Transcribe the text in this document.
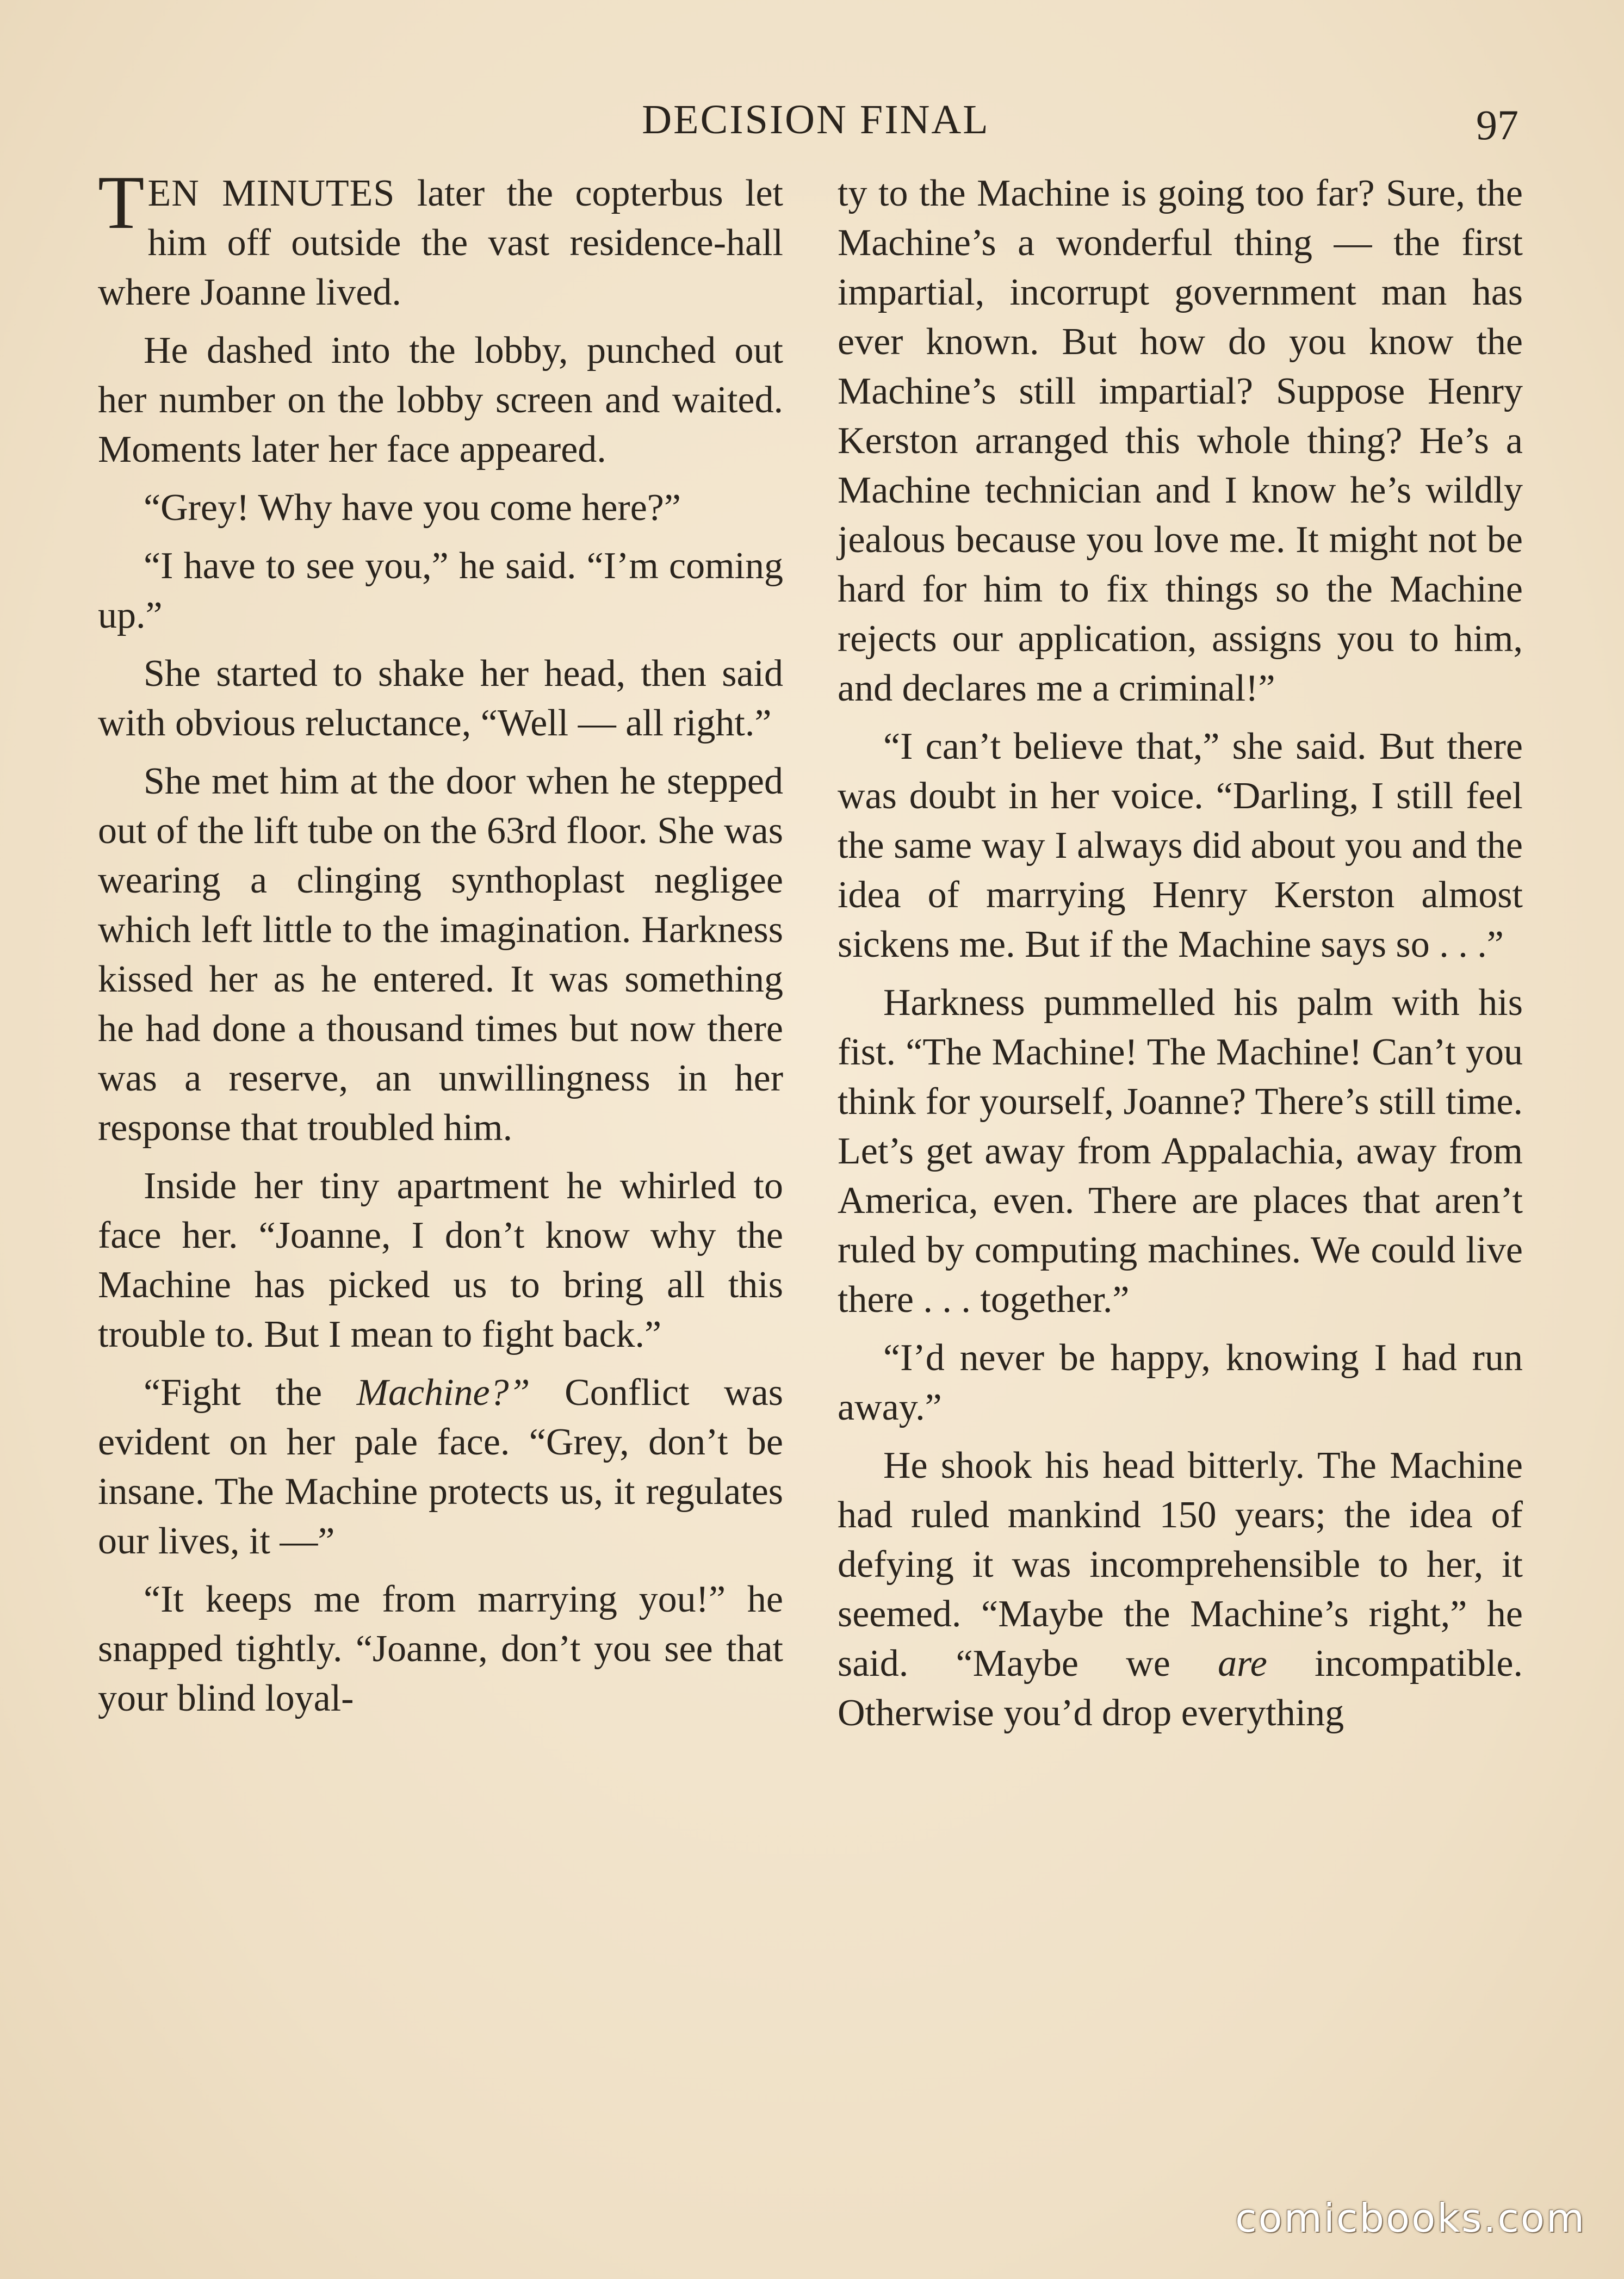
DECISION FINAL	97

TEN MINUTES later the copterbus let him off outside the vast residence-hall where Joanne lived.

He dashed into the lobby, punched out her number on the lobby screen and waited. Moments later her face appeared.

“Grey! Why have you come here?”

“I have to see you,” he said. “I’m coming up.”

She started to shake her head, then said with obvious reluctance, “Well — all right.”

She met him at the door when he stepped out of the lift tube on the 63rd floor. She was wearing a clinging synthoplast negligee which left little to the imagination. Harkness kissed her as he entered. It was something he had done a thousand times but now there was a reserve, an unwillingness in her response that troubled him.

Inside her tiny apartment he whirled to face her. “Joanne, I don’t know why the Machine has picked us to bring all this trouble to. But I mean to fight back.”

“Fight the Machine?” Conflict was evident on her pale face. “Grey, don’t be insane. The Machine protects us, it regulates our lives, it —”

“It keeps me from marrying you!” he snapped tightly. “Joanne, don’t you see that your blind loyal-

ty to the Machine is going too far? Sure, the Machine’s a wonderful thing — the first impartial, incorrupt government man has ever known. But how do you know the Machine’s still impartial? Suppose Henry Kerston arranged this whole thing? He’s a Machine technician and I know he’s wildly jealous because you love me. It might not be hard for him to fix things so the Machine rejects our application, assigns you to him, and declares me a criminal!”

“I can’t believe that,” she said. But there was doubt in her voice. “Darling, I still feel the same way I always did about you and the idea of marrying Henry Kerston almost sickens me. But if the Machine says so . . .”

Harkness pummelled his palm with his fist. “The Machine! The Machine! Can’t you think for yourself, Joanne? There’s still time. Let’s get away from Appalachia, away from America, even. There are places that aren’t ruled by computing machines. We could live there . . . together.”

“I’d never be happy, knowing I had run away.”

He shook his head bitterly. The Machine had ruled mankind 150 years; the idea of defying it was incomprehensible to her, it seemed. “Maybe the Machine’s right,” he said. “Maybe we are incompatible. Otherwise you’d drop everything

comicbooks.com
